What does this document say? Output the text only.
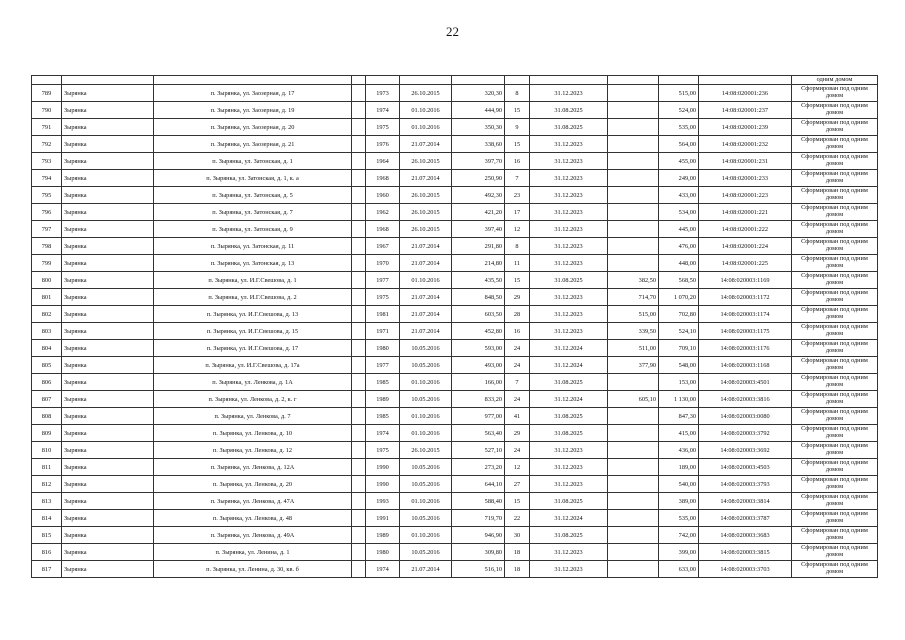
22
												одним домом
789	Зырянка	п. Зырянка, ул. Заозерная, д. 17		1973	26.10.2015	320,30	8	31.12.2023		515,00	14:08:020001:236	Сформирован под одним домом
790	Зырянка	п. Зырянка, ул. Заозерная, д. 19		1974	01.10.2016	444,90	15	31.08.2025		524,00	14:08:020001:237	Сформирован под одним домом
791	Зырянка	п. Зырянка, ул. Заозерная, д. 20		1975	01.10.2016	350,30	9	31.08.2025		535,00	14:08:020001:239	Сформирован под одним домом
792	Зырянка	п. Зырянка, ул. Заозерная, д. 21		1976	21.07.2014	338,60	15	31.12.2023		564,00	14:08:020001:232	Сформирован под одним домом
793	Зырянка	п. Зырянка, ул. Затонская, д. 1		1964	26.10.2015	397,70	16	31.12.2023		455,00	14:08:020001:231	Сформирован под одним домом
794	Зырянка	п. Зырянка, ул. Затонская, д. 1, к. а		1968	21.07.2014	250,90	7	31.12.2023		249,00	14:08:020001:233	Сформирован под одним домом
795	Зырянка	п. Зырянка, ул. Затонская, д. 5		1960	26.10.2015	492,30	23	31.12.2023		433,00	14:08:020001:223	Сформирован под одним домом
796	Зырянка	п. Зырянка, ул. Затонская, д. 7		1962	26.10.2015	421,20	17	31.12.2023		534,00	14:08:020001:221	Сформирован под одним домом
797	Зырянка	п. Зырянка, ул. Затонская, д. 9		1968	26.10.2015	397,40	12	31.12.2023		445,00	14:08:020001:222	Сформирован под одним домом
798	Зырянка	п. Зырянка, ул. Затонская, д. 11		1967	21.07.2014	291,80	8	31.12.2023		476,00	14:08:020001:224	Сформирован под одним домом
799	Зырянка	п. Зырянка, ул. Затонская, д. 13		1970	21.07.2014	214,80	11	31.12.2023		448,00	14:08:020001:225	Сформирован под одним домом
800	Зырянка	п. Зырянка, ул. И.Г.Свешова, д. 1		1977	01.10.2016	435,50	15	31.08.2025	382,50	568,50	14:08:020003:1169	Сформирован под одним домом
801	Зырянка	п. Зырянка, ул. И.Г.Свешова, д. 2		1975	21.07.2014	848,50	29	31.12.2023	714,70	1 070,20	14:08:020003:1172	Сформирован под одним домом
802	Зырянка	п. Зырянка, ул. И.Г.Свешова, д. 13		1981	21.07.2014	603,50	28	31.12.2023	515,00	702,80	14:08:020003:1174	Сформирован под одним домом
803	Зырянка	п. Зырянка, ул. И.Г.Свешова, д. 15		1971	21.07.2014	452,80	16	31.12.2023	339,50	524,10	14:08:020003:1175	Сформирован под одним домом
804	Зырянка	п. Зырянка, ул. И.Г.Свешова, д. 17		1980	10.05.2016	593,00	24	31.12.2024	511,00	709,10	14:08:020003:1176	Сформирован под одним домом
805	Зырянка	п. Зырянка, ул. И.Г.Свешова, д. 17а		1977	10.05.2016	493,00	24	31.12.2024	377,90	548,00	14:08:020003:1168	Сформирован под одним домом
806	Зырянка	п. Зырянка, ул. Ленкова, д. 1А		1985	01.10.2016	166,00	7	31.08.2025		153,00	14:08:020003:4501	Сформирован под одним домом
807	Зырянка	п. Зырянка, ул. Ленкова, д. 2, к. г		1989	10.05.2016	833,20	24	31.12.2024	605,10	1 130,00	14:08:020003:3816	Сформирован под одним домом
808	Зырянка	п. Зырянка, ул. Ленкова, д. 7		1985	01.10.2016	977,00	41	31.08.2025		847,30	14:08:020003:0080	Сформирован под одним домом
809	Зырянка	п. Зырянка, ул. Ленкова, д. 10		1974	01.10.2016	563,40	29	31.08.2025		415,00	14:08:020003:3792	Сформирован под одним домом
810	Зырянка	п. Зырянка, ул. Ленкова, д. 12		1975	26.10.2015	527,10	24	31.12.2023		436,00	14:08:020003:3692	Сформирован под одним домом
811	Зырянка	п. Зырянка, ул. Ленкова, д. 12А		1990	10.05.2016	273,20	12	31.12.2023		189,00	14:08:020003:4503	Сформирован под одним домом
812	Зырянка	п. Зырянка, ул. Ленкова, д. 20		1990	10.05.2016	644,10	27	31.12.2023		540,00	14:08:020003:3793	Сформирован под одним домом
813	Зырянка	п. Зырянка, ул. Ленкова, д. 47А		1993	01.10.2016	588,40	15	31.08.2025		389,00	14:08:020003:3814	Сформирован под одним домом
814	Зырянка	п. Зырянка, ул. Ленкова, д. 48		1991	10.05.2016	719,70	22	31.12.2024		535,00	14:08:020003:3787	Сформирован под одним домом
815	Зырянка	п. Зырянка, ул. Ленкова, д. 49А		1989	01.10.2016	946,90	30	31.08.2025		742,00	14:08:020003:3683	Сформирован под одним домом
816	Зырянка	п. Зырянка, ул. Ленина, д. 1		1980	10.05.2016	309,80	18	31.12.2023		399,00	14:08:020003:3815	Сформирован под одним домом
817	Зырянка	п. Зырянка, ул. Ленина, д. 30, кв. б		1974	21.07.2014	516,10	18	31.12.2023		633,00	14:08:020003:3703	Сформирован под одним домом
